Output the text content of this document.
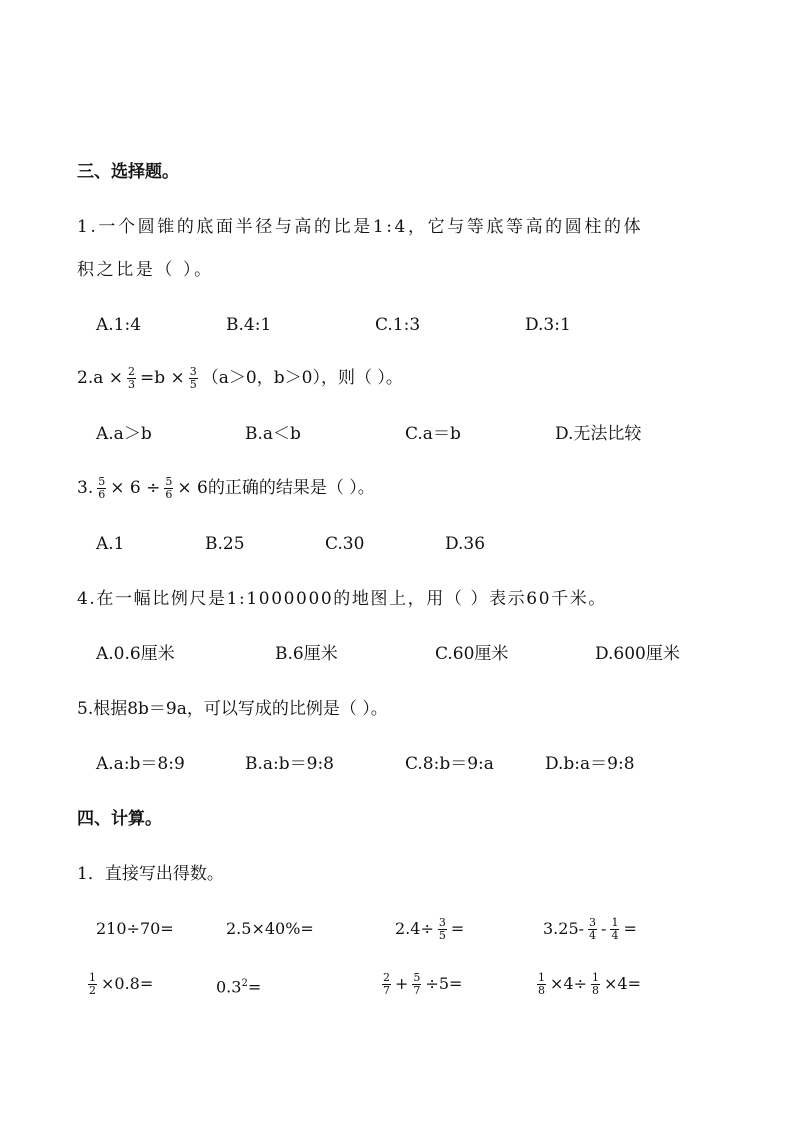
三、选择题。
1.一个圆锥的底面半径与高的比是1:4，它与等底等高的圆柱的体
积之比是（ ）。
A.1:4	B.4:1	C.1:3	D.3:1
$2.a \times \frac{2}{3} =b \times \frac{3}{5} (a>0$，b＞0），则（ ）。
A.a＞b	B.a＜b	C.a＝b	D.无法比较
3. $\frac{5}{6} \times 6 \div \frac{5}{6} \times 6$的正确的结果是（ ）。
A.1	B.25	C.30	D.36
4.在一幅比例尺是1:1000000的地图上，用（ ）表示60千米。
A.0.6厘米	B.6厘米	C.60厘米	D.600厘米
5.根据8b＝9a，可以写成的比例是（ ）。
A.a:b＝8:9	B.a:b＝9:8	C.8:b＝9:a	D.b:a＝9:8
四、计算。
1．直接写出得数。
210÷70=	2.5×40%=	$2.4\div \frac{3}{5}$ =	$3.25- \frac{3}{4} - \frac{1}{4}$ =
$\frac{1}{2} \times 0.8=$	$0.3^2=$	$\frac{2}{7} + \frac{5}{7} \div 5=$	$\frac{1}{8} \times 4\div \frac{1}{8} \times 4=$
